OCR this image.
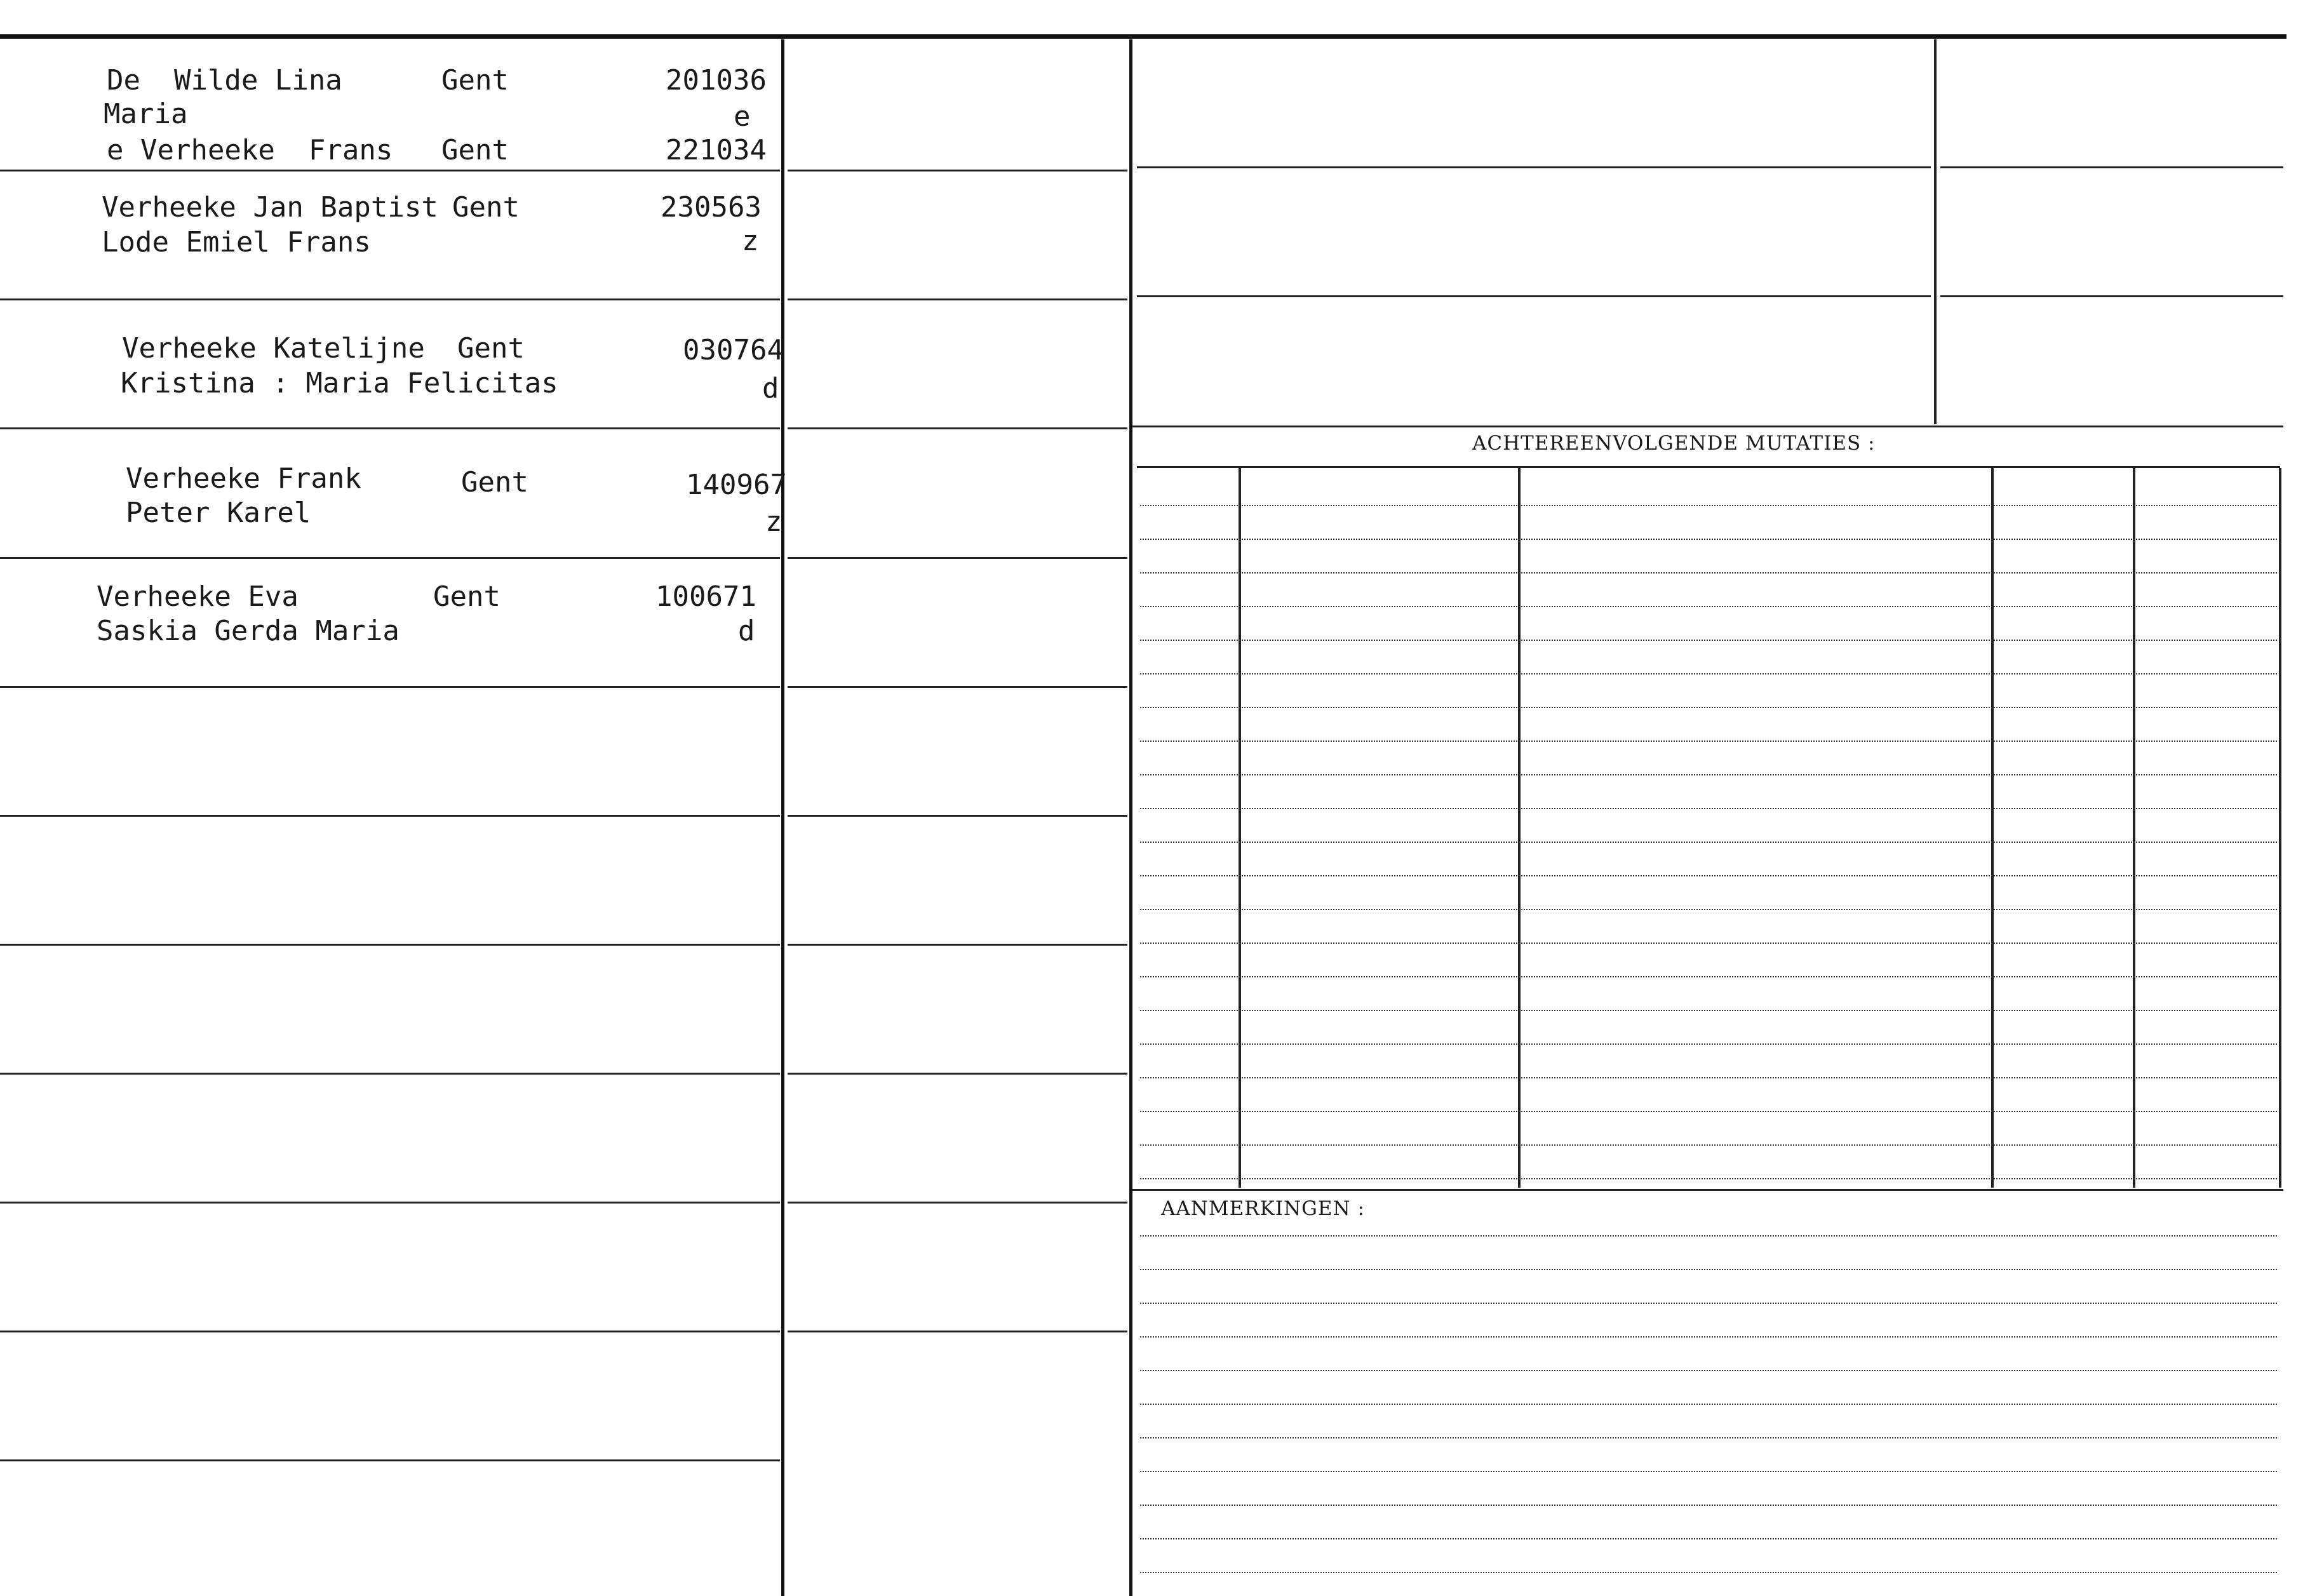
De  Wilde Lina	Gent	201036
Maria	e
e Verheeke  Frans Gent	221034
Verheeke Jan Baptist Gent	230563
Lode Emiel Frans	z
Verheeke Katelijne Gent	030764
Kristina : Maria Felicitas	d
Verheeke Frank	Gent	140967
Peter Karel	z
Verheeke Eva	Gent	100671
Saskia Gerda Maria	d
ACHTEREENVOLGENDE MUTATIES :
AANMERKINGEN :
